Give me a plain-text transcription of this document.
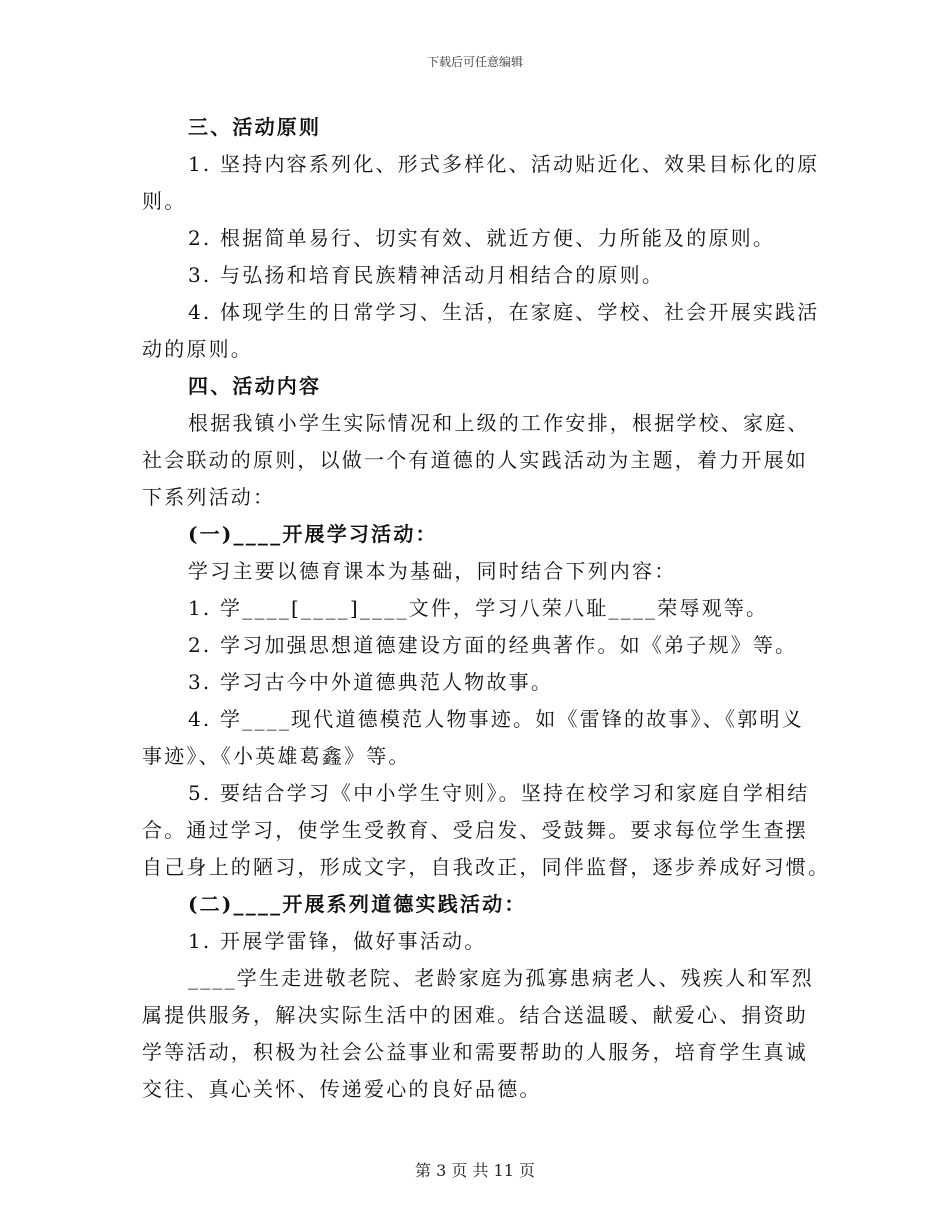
下载后可任意编辑
三、活动原则
1. 坚持内容系列化、形式多样化、活动贴近化、效果目标化的原
则。
2. 根据简单易行、切实有效、就近方便、力所能及的原则。
3. 与弘扬和培育民族精神活动月相结合的原则。
4. 体现学生的日常学习、生活，在家庭、学校、社会开展实践活
动的原则。
四、活动内容
根据我镇小学生实际情况和上级的工作安排，根据学校、家庭、
社会联动的原则，以做一个有道德的人实践活动为主题，着力开展如
下系列活动：
(一)____开展学习活动：
学习主要以德育课本为基础，同时结合下列内容：
1. 学____[____]____文件，学习八荣八耻____荣辱观等。
2. 学习加强思想道德建设方面的经典著作。如《弟子规》等。
3. 学习古今中外道德典范人物故事。
4. 学____现代道德模范人物事迹。如《雷锋的故事》、《郭明义
事迹》、《小英雄葛鑫》等。
5. 要结合学习《中小学生守则》。坚持在校学习和家庭自学相结
合。通过学习，使学生受教育、受启发、受鼓舞。要求每位学生查摆
自己身上的陋习，形成文字，自我改正，同伴监督，逐步养成好习惯。
(二)____开展系列道德实践活动：
1. 开展学雷锋，做好事活动。
____学生走进敬老院、老龄家庭为孤寡患病老人、残疾人和军烈
属提供服务，解决实际生活中的困难。结合送温暖、献爱心、捐资助
学等活动，积极为社会公益事业和需要帮助的人服务，培育学生真诚
交往、真心关怀、传递爱心的良好品德。
第 3 页 共 11 页
